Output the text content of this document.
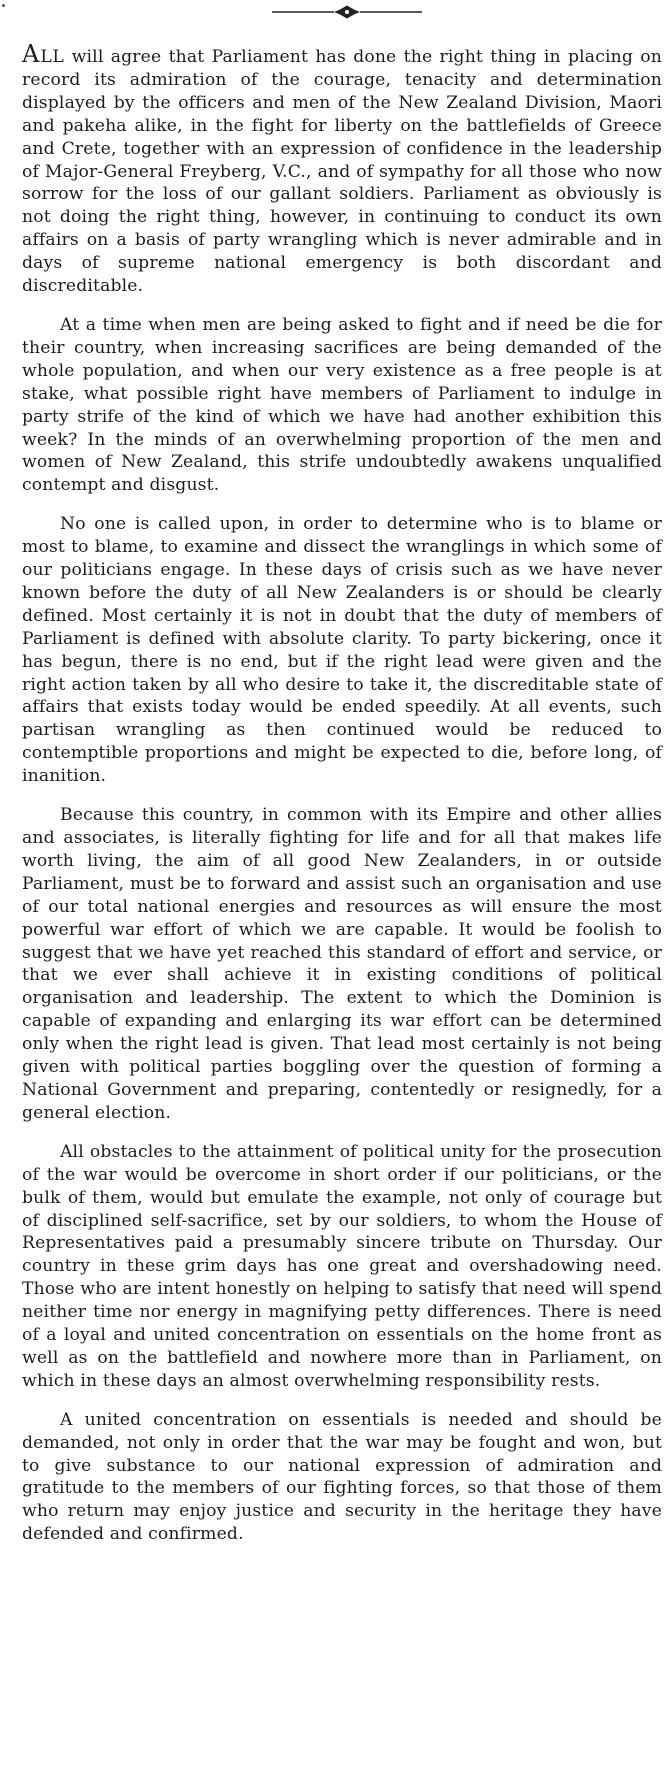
ALL will agree that Parliament has done the right thing in placing on record its admiration of the courage, tenacity and determination displayed by the officers and men of the New Zealand Division, Maori and pakeha alike, in the fight for liberty on the battlefields of Greece and Crete, together with an expression of confidence in the leadership of Major-General Freyberg, V.C., and of sympathy for all those who now sorrow for the loss of our gallant soldiers. Parliament as obviously is not doing the right thing, however, in continuing to conduct its own affairs on a basis of party wrangling which is never admirable and in days of supreme national emergency is both discordant and discreditable.

At a time when men are being asked to fight and if need be die for their country, when increasing sacrifices are being demanded of the whole population, and when our very existence as a free people is at stake, what possible right have members of Parliament to indulge in party strife of the kind of which we have had another exhibition this week? In the minds of an overwhelming proportion of the men and women of New Zealand, this strife undoubtedly awakens unqualified contempt and disgust.

No one is called upon, in order to determine who is to blame or most to blame, to examine and dissect the wranglings in which some of our politicians engage. In these days of crisis such as we have never known before the duty of all New Zealanders is or should be clearly defined. Most certainly it is not in doubt that the duty of members of Parliament is defined with absolute clarity. To party bickering, once it has begun, there is no end, but if the right lead were given and the right action taken by all who desire to take it, the discreditable state of affairs that exists today would be ended speedily. At all events, such partisan wrangling as then continued would be reduced to contemptible proportions and might be expected to die, before long, of inanition.

Because this country, in common with its Empire and other allies and associates, is literally fighting for life and for all that makes life worth living, the aim of all good New Zealanders, in or outside Parliament, must be to forward and assist such an organisation and use of our total national energies and resources as will ensure the most powerful war effort of which we are capable. It would be foolish to suggest that we have yet reached this standard of effort and service, or that we ever shall achieve it in existing conditions of political organisation and leadership. The extent to which the Dominion is capable of expanding and enlarging its war effort can be determined only when the right lead is given. That lead most certainly is not being given with political parties boggling over the question of forming a National Government and preparing, contentedly or resignedly, for a general election.

All obstacles to the attainment of political unity for the prosecution of the war would be overcome in short order if our politicians, or the bulk of them, would but emulate the example, not only of courage but of disciplined self-sacrifice, set by our soldiers, to whom the House of Representatives paid a presumably sincere tribute on Thursday. Our country in these grim days has one great and overshadowing need. Those who are intent honestly on helping to satisfy that need will spend neither time nor energy in magnifying petty differences. There is need of a loyal and united concentration on essentials on the home front as well as on the battlefield and nowhere more than in Parliament, on which in these days an almost overwhelming responsibility rests.

A united concentration on essentials is needed and should be demanded, not only in order that the war may be fought and won, but to give substance to our national expression of admiration and gratitude to the members of our fighting forces, so that those of them who return may enjoy justice and security in the heritage they have defended and confirmed.
